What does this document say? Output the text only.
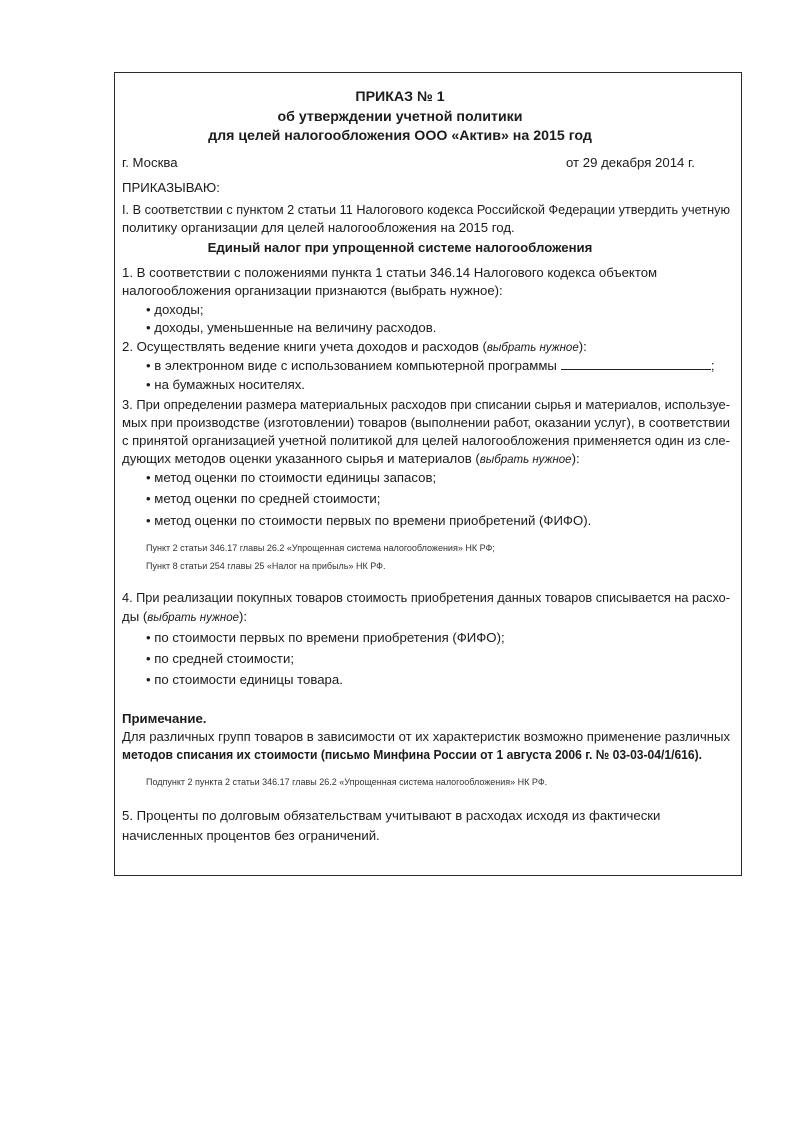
ПРИКАЗ № 1
об утверждении учетной политики
для целей налогообложения ООО «Актив» на 2015 год
г. Москва	от 29 декабря 2014 г.
ПРИКАЗЫВАЮ:
I. В соответствии с пунктом 2 статьи 11 Налогового кодекса Российской Федерации утвердить учетную
политику организации для целей налогообложения на 2015 год.
Единый налог при упрощенной системе налогообложения
1. В соответствии с положениями пункта 1 статьи 346.14 Налогового кодекса объектом
налогообложения организации признаются (выбрать нужное):
• доходы;
• доходы, уменьшенные на величину расходов.
2. Осуществлять ведение книги учета доходов и расходов (выбрать нужное):
• в электронном виде с использованием компьютерной программы	;
• на бумажных носителях.
3. При определении размера материальных расходов при списании сырья и материалов, используе-
мых при производстве (изготовлении) товаров (выполнении работ, оказании услуг), в соответствии
с принятой организацией учетной политикой для целей налогообложения применяется один из сле-
дующих методов оценки указанного сырья и материалов (выбрать нужное):
• метод оценки по стоимости единицы запасов;
• метод оценки по средней стоимости;
• метод оценки по стоимости первых по времени приобретений (ФИФО).
Пункт 2 статьи 346.17 главы 26.2 «Упрощенная система налогообложения» НК РФ;
Пункт 8 статьи 254 главы 25 «Налог на прибыль» НК РФ.
4. При реализации покупных товаров стоимость приобретения данных товаров списывается на расхо-
ды (выбрать нужное):
• по стоимости первых по времени приобретения (ФИФО);
• по средней стоимости;
• по стоимости единицы товара.
Примечание.
Для различных групп товаров в зависимости от их характеристик возможно применение различных
методов списания их стоимости (письмо Минфина России от 1 августа 2006 г. № 03-03-04/1/616).
Подпункт 2 пункта 2 статьи 346.17 главы 26.2 «Упрощенная система налогообложения» НК РФ.
5. Проценты по долговым обязательствам учитывают в расходах исходя из фактически
начисленных процентов без ограничений.
